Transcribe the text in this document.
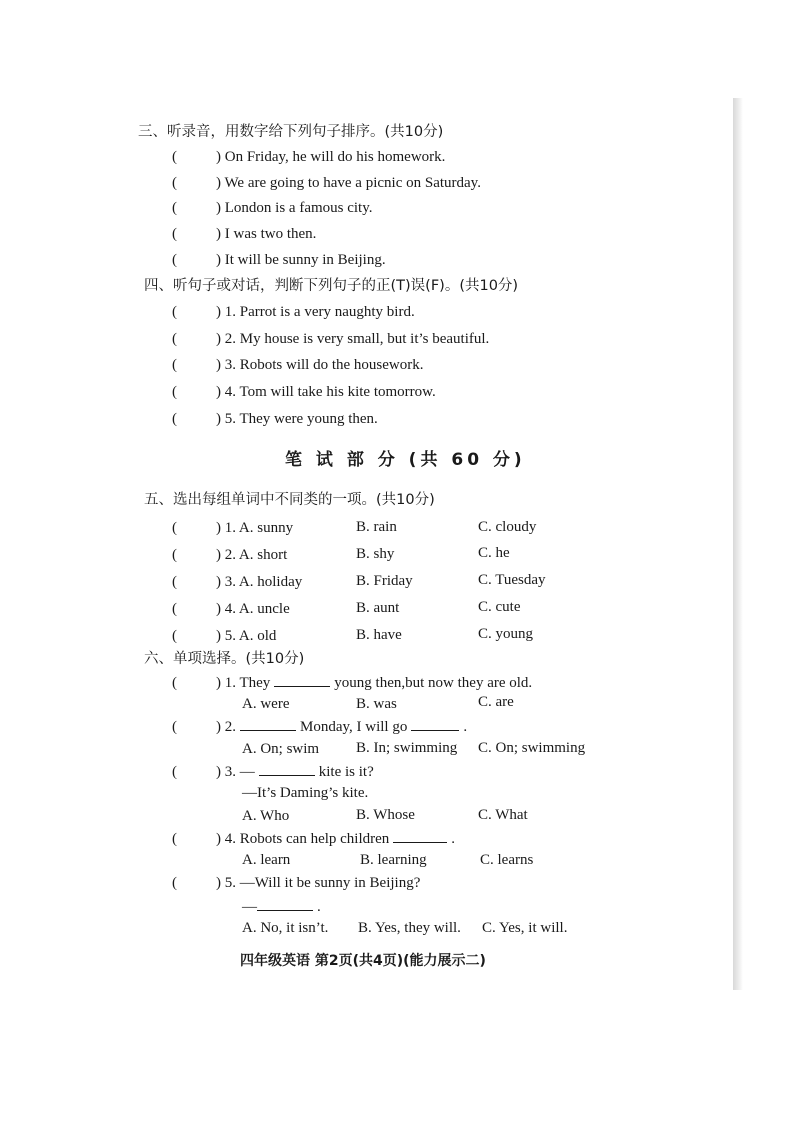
三、听录音，用数字给下列句子排序。(共10分)
(	) On Friday, he will do his homework.
(	) We are going to have a picnic on Saturday.
(	) London is a famous city.
(	) I was two then.
(	) It will be sunny in Beijing.
四、听句子或对话，判断下列句子的正(T)误(F)。(共10分)
(	) 1. Parrot is a very naughty bird.
(	) 2. My house is very small, but it’s beautiful.
(	) 3. Robots will do the housework.
(	) 4. Tom will take his kite tomorrow.
(	) 5. They were young then.
笔 试 部 分 (共 60 分)
五、选出每组单词中不同类的一项。(共10分)
(	) 1. A. sunny	B. rain	C. cloudy
(	) 2. A. short	B. shy	C. he
(	) 3. A. holiday	B. Friday	C. Tuesday
(	) 4. A. uncle	B. aunt	C. cute
(	) 5. A. old	B. have	C. young
六、单项选择。(共10分)
(	) 1. They	young then,but now they are old.
A. were	B. was	C. are
(	) 2.	Monday, I will go	.
A. On; swim B. In; swimming C. On; swimming
(	) 3. —	kite is it?
—It’s Daming’s kite.
A. Who	B. Whose	C. What
(	) 4. Robots can help children	.
A. learn	B. learning	C. learns
(	) 5. —Will it be sunny in Beijing?
—	.
A. No, it isn’t. B. Yes, they will. C. Yes, it will.
四年级英语 第2页(共4页)(能力展示二)
